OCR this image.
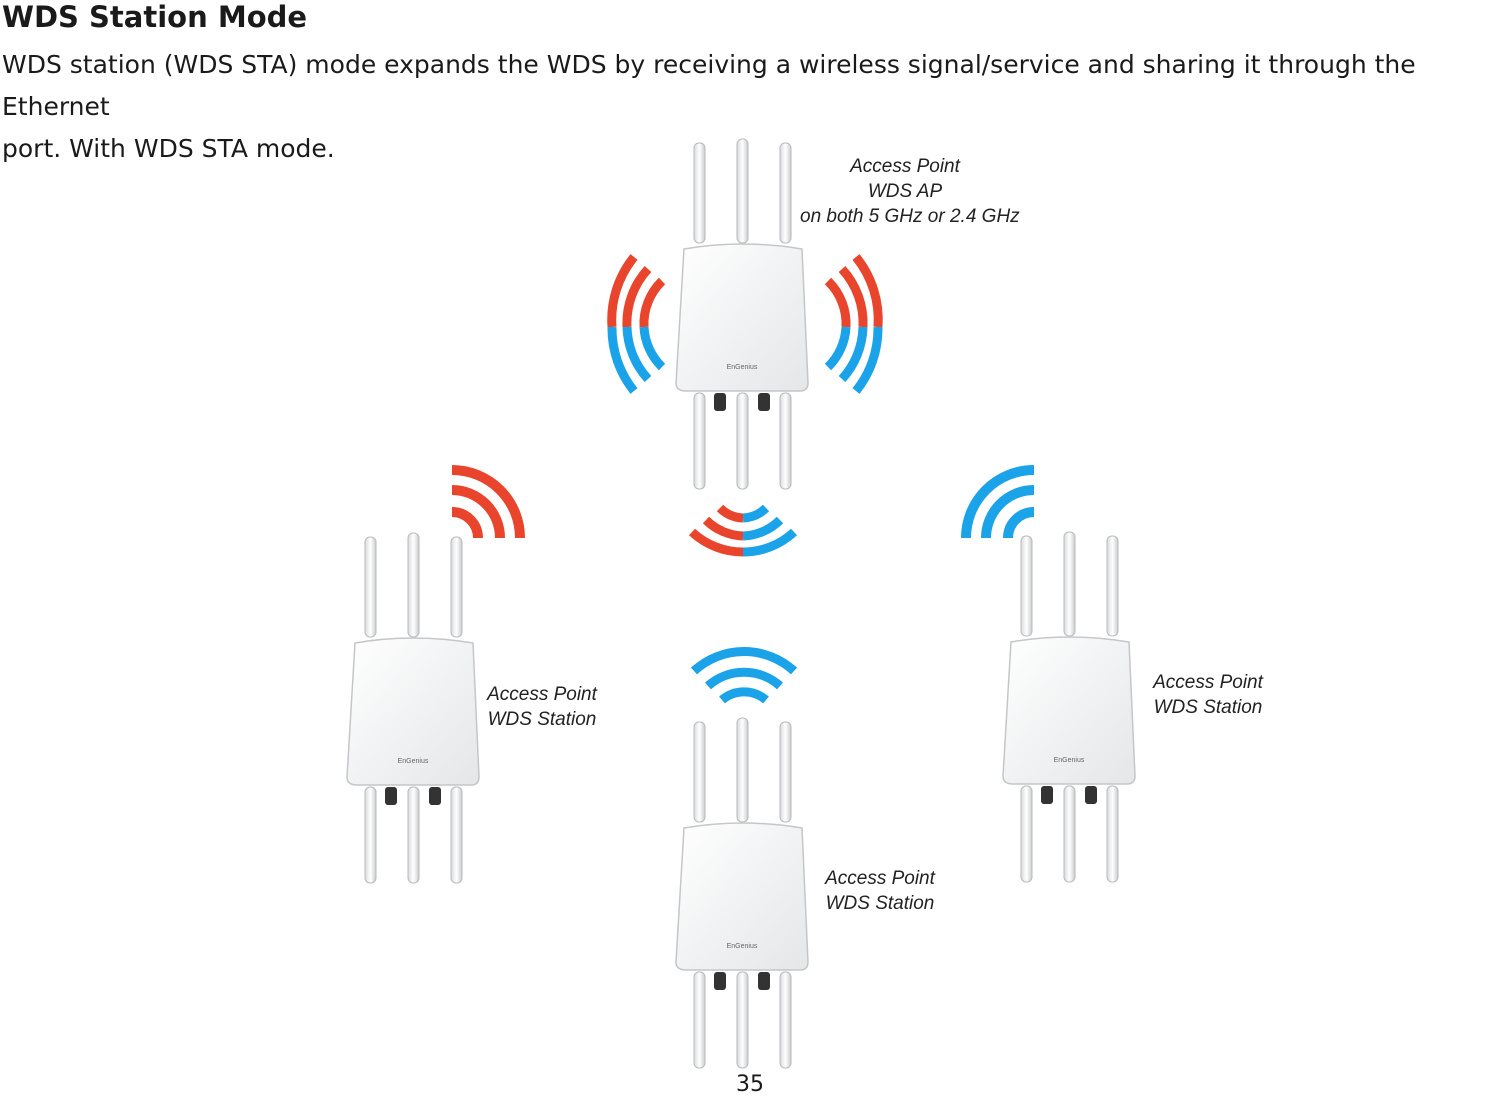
WDS Station Mode

WDS station (WDS STA) mode expands the WDS by receiving a wireless signal/service and sharing it through the Ethernet

port. With WDS STA mode.

EnGenius
Access Point
WDS AP
on both 5 GHz or 2.4 GHz
Access Point
WDS Station
Access Point
WDS Station
Access Point
WDS Station
35
